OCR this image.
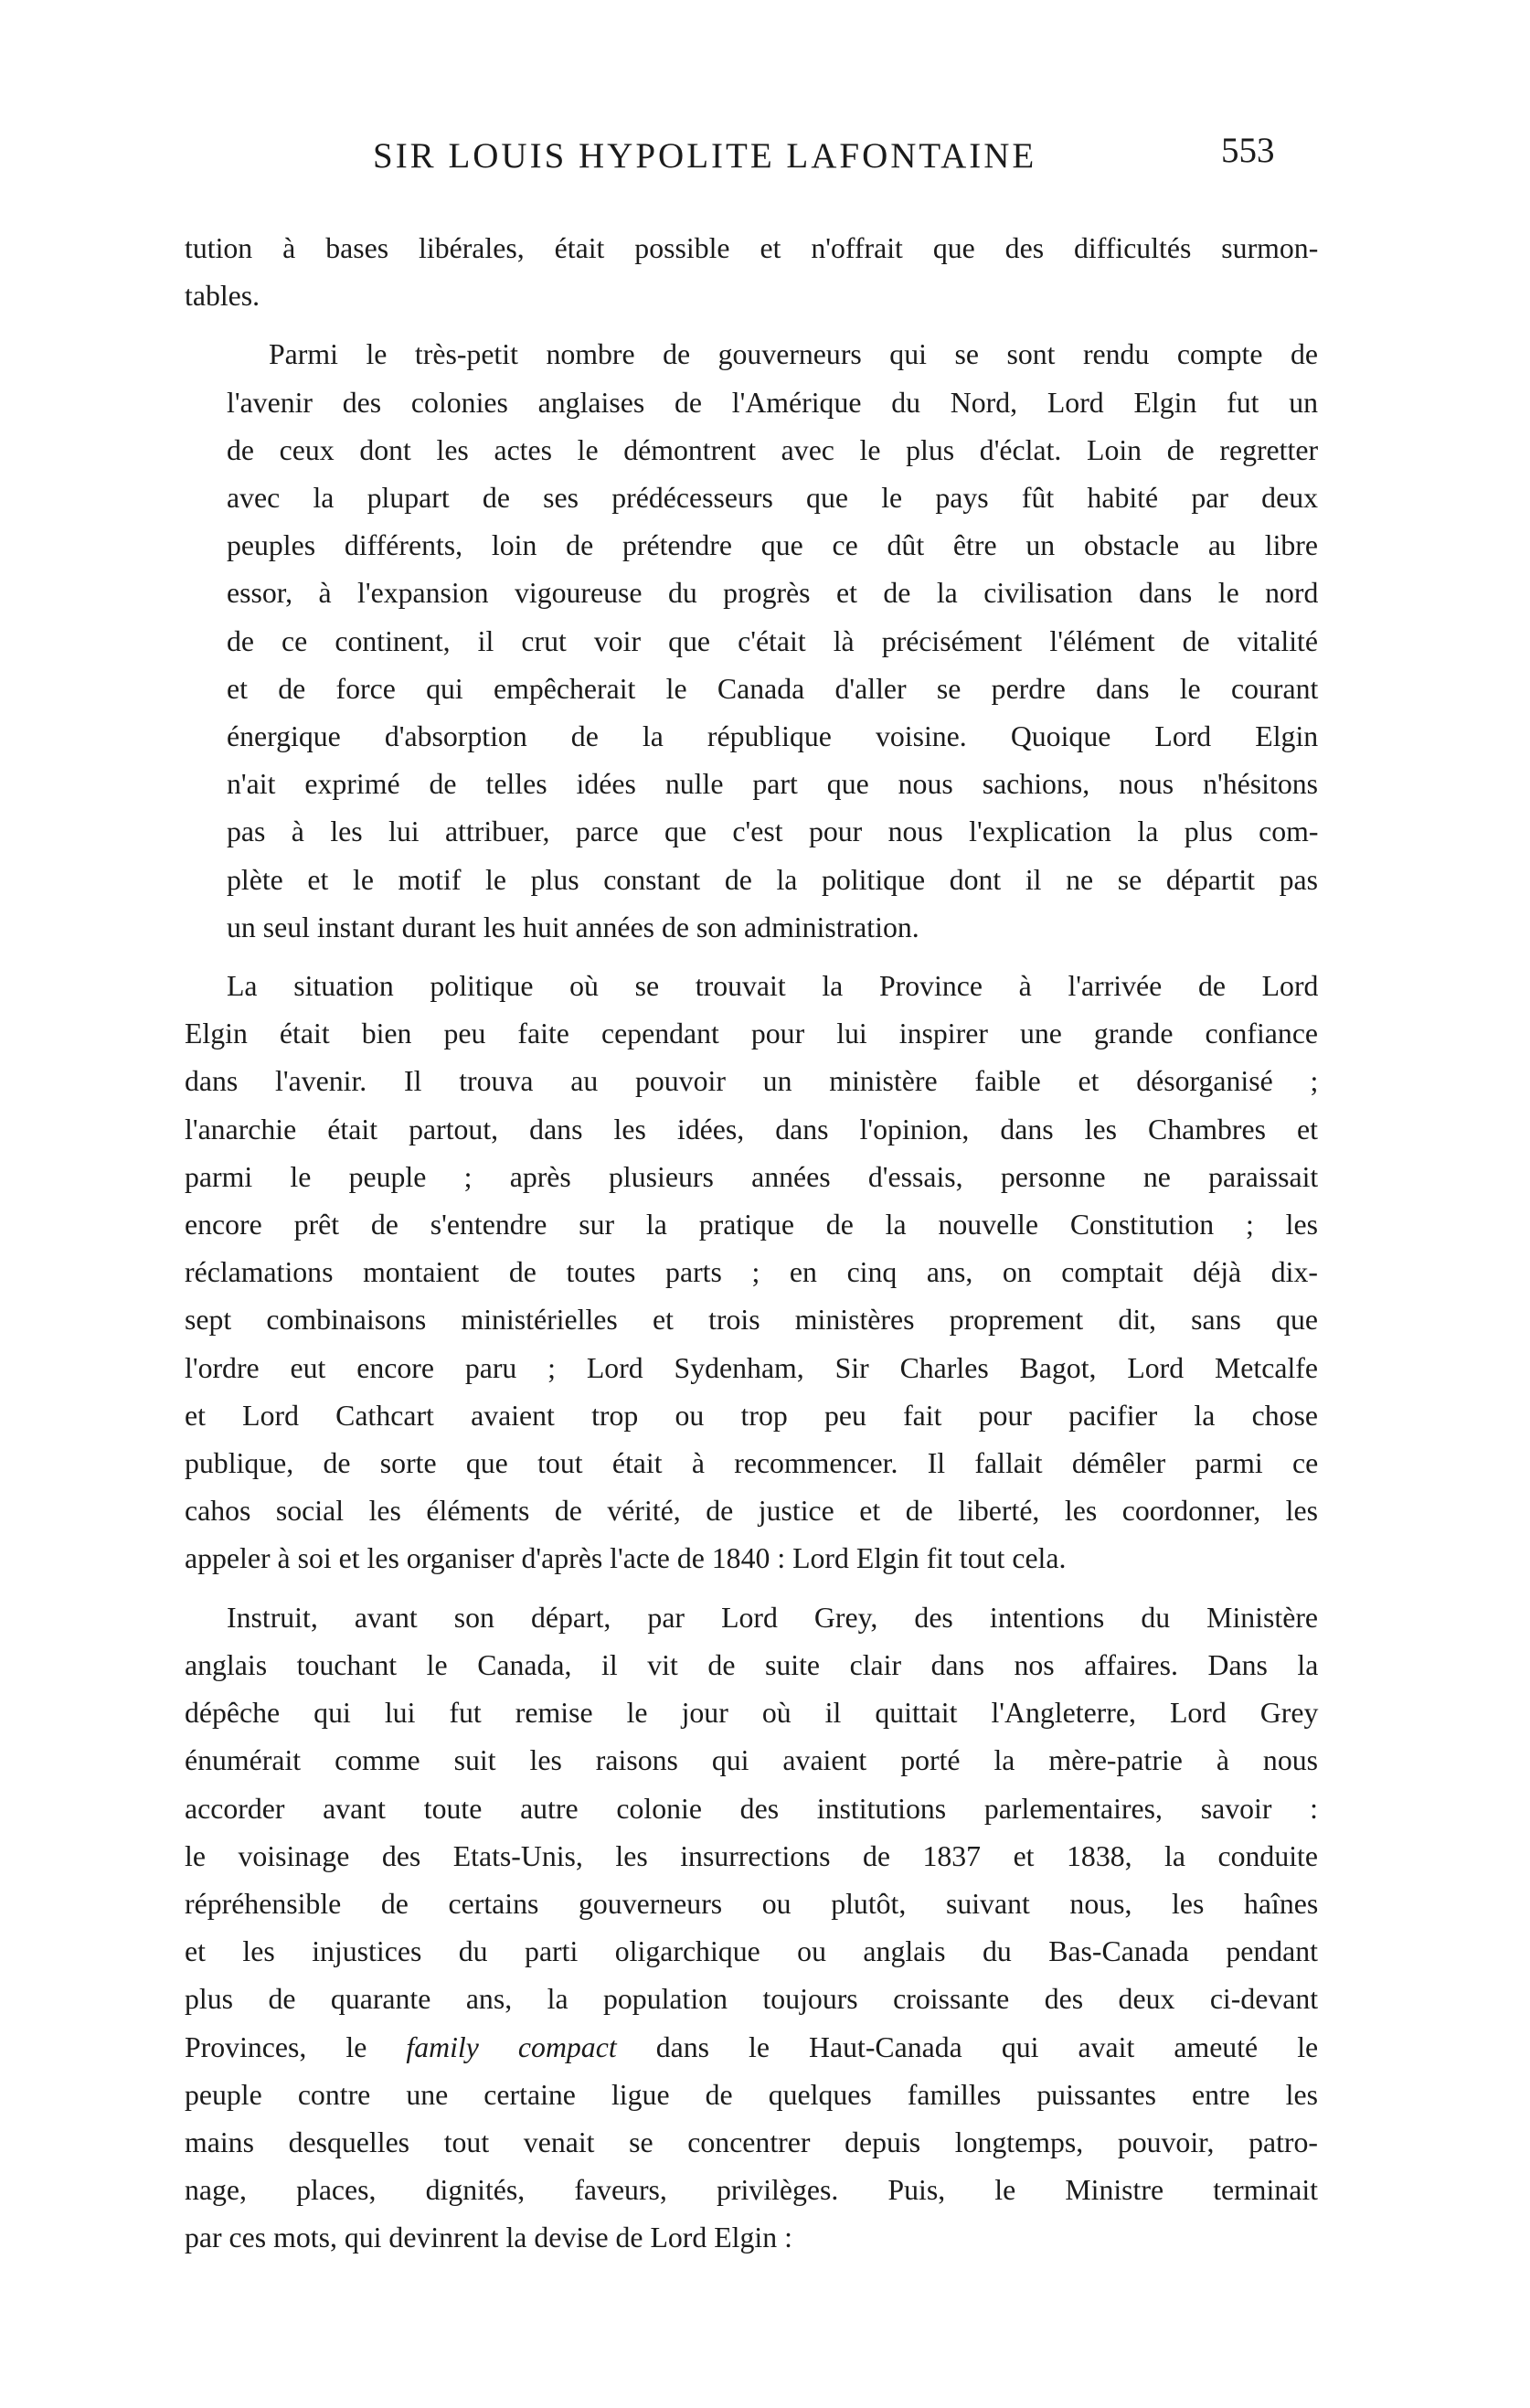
SIR LOUIS HYPOLITE LAFONTAINE	553

tution à bases libérales, était possible et n'offrait que des difficultés surmon-
tables.

Parmi le très-petit nombre de gouverneurs qui se sont rendu compte de
l'avenir des colonies anglaises de l'Amérique du Nord, Lord Elgin fut un
de ceux dont les actes le démontrent avec le plus d'éclat. Loin de regretter
avec la plupart de ses prédécesseurs que le pays fût habité par deux
peuples différents, loin de prétendre que ce dût être un obstacle au libre
essor, à l'expansion vigoureuse du progrès et de la civilisation dans le nord
de ce continent, il crut voir que c'était là précisément l'élément de vitalité
et de force qui empêcherait le Canada d'aller se perdre dans le courant
énergique d'absorption de la république voisine. Quoique Lord Elgin
n'ait exprimé de telles idées nulle part que nous sachions, nous n'hésitons
pas à les lui attribuer, parce que c'est pour nous l'explication la plus com-
plète et le motif le plus constant de la politique dont il ne se départit pas
un seul instant durant les huit années de son administration.

La situation politique où se trouvait la Province à l'arrivée de Lord
Elgin était bien peu faite cependant pour lui inspirer une grande confiance
dans l'avenir. Il trouva au pouvoir un ministère faible et désorganisé ;
l'anarchie était partout, dans les idées, dans l'opinion, dans les Chambres et
parmi le peuple ; après plusieurs années d'essais, personne ne paraissait
encore prêt de s'entendre sur la pratique de la nouvelle Constitution ; les
réclamations montaient de toutes parts ; en cinq ans, on comptait déjà dix-
sept combinaisons ministérielles et trois ministères proprement dit, sans que
l'ordre eut encore paru ; Lord Sydenham, Sir Charles Bagot, Lord Metcalfe
et Lord Cathcart avaient trop ou trop peu fait pour pacifier la chose
publique, de sorte que tout était à recommencer. Il fallait démêler parmi ce
cahos social les éléments de vérité, de justice et de liberté, les coordonner, les
appeler à soi et les organiser d'après l'acte de 1840 : Lord Elgin fit tout cela.

Instruit, avant son départ, par Lord Grey, des intentions du Ministère
anglais touchant le Canada, il vit de suite clair dans nos affaires. Dans la
dépêche qui lui fut remise le jour où il quittait l'Angleterre, Lord Grey
énumérait comme suit les raisons qui avaient porté la mère-patrie à nous
accorder avant toute autre colonie des institutions parlementaires, savoir :
le voisinage des Etats-Unis, les insurrections de 1837 et 1838, la conduite
répréhensible de certains gouverneurs ou plutôt, suivant nous, les haînes
et les injustices du parti oligarchique ou anglais du Bas-Canada pendant
plus de quarante ans, la population toujours croissante des deux ci-devant
Provinces, le family compact dans le Haut-Canada qui avait ameuté le
peuple contre une certaine ligue de quelques familles puissantes entre les
mains desquelles tout venait se concentrer depuis longtemps, pouvoir, patro-
nage, places, dignités, faveurs, privilèges. Puis, le Ministre terminait
par ces mots, qui devinrent la devise de Lord Elgin :
